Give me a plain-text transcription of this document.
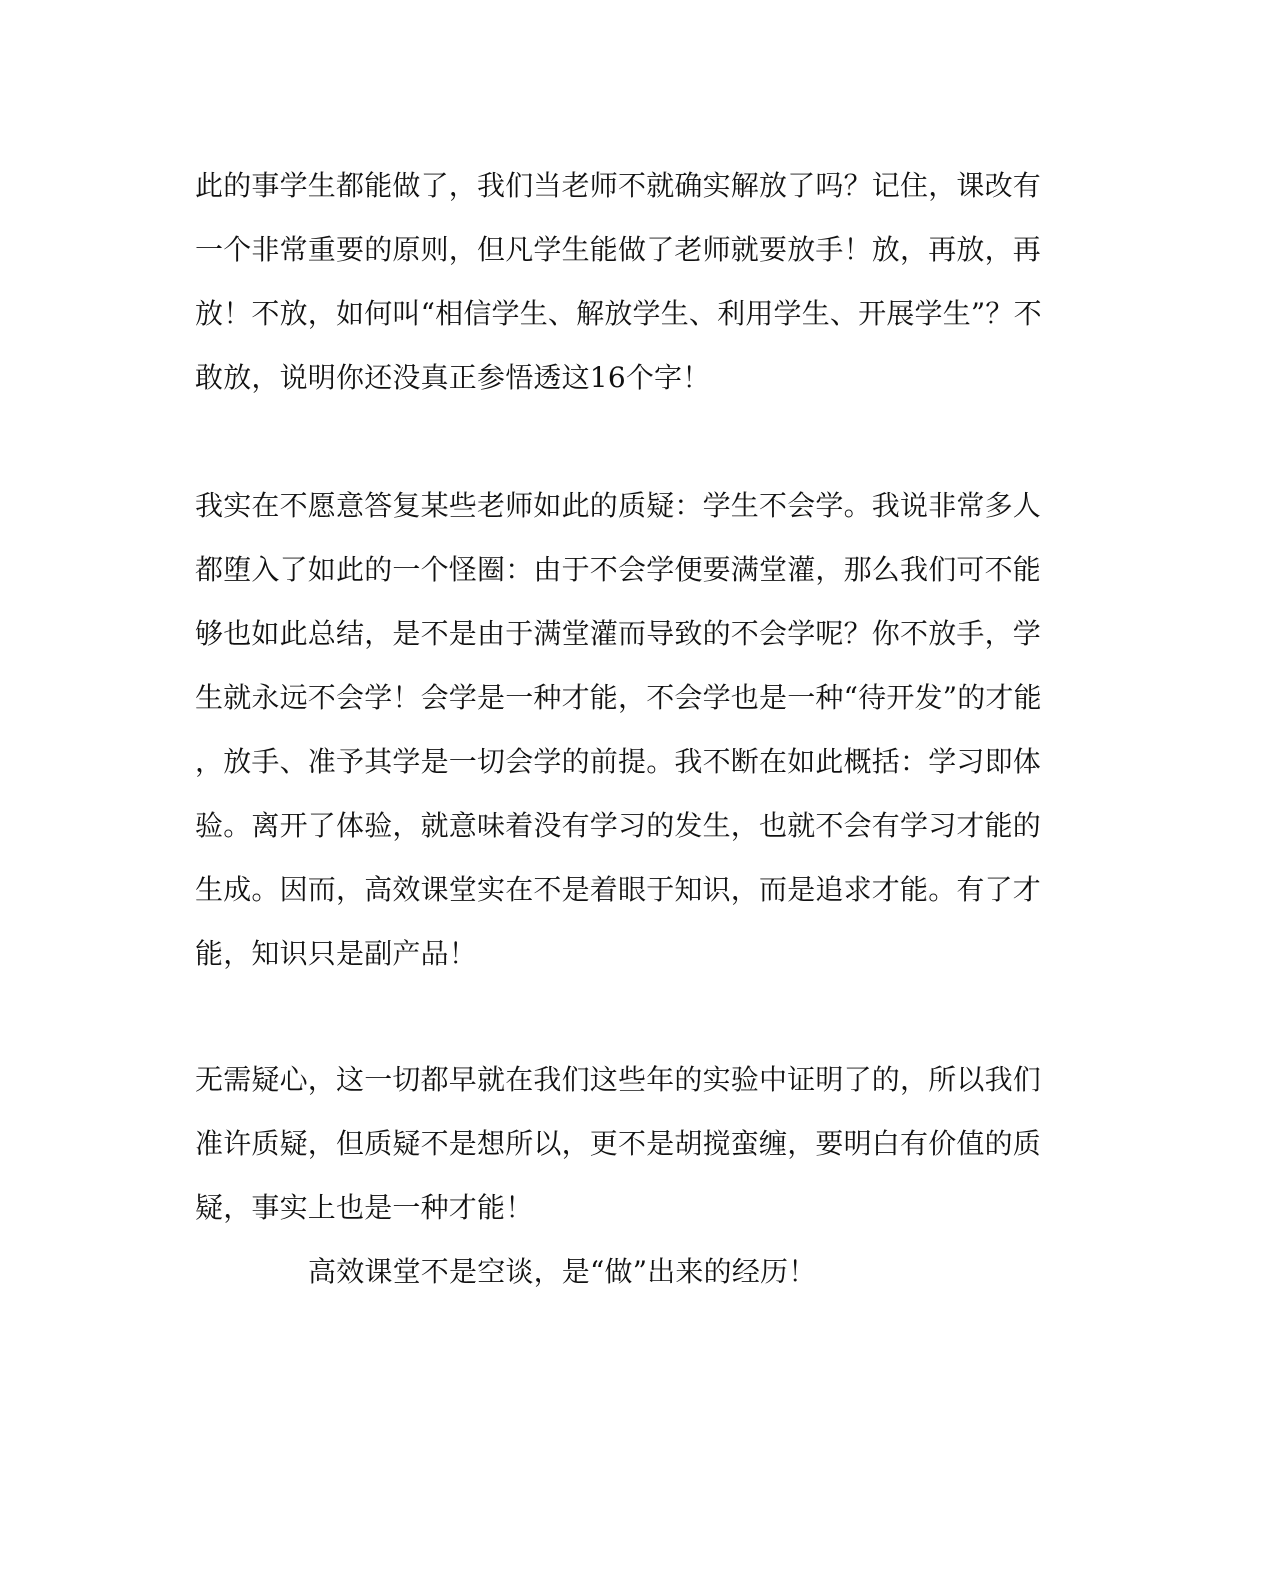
此的事学生都能做了，我们当老师不就确实解放了吗？记住，课改有
一个非常重要的原则，但凡学生能做了老师就要放手！放，再放，再
放！不放，如何叫“相信学生、解放学生、利用学生、开展学生”？不
敢放，说明你还没真正参悟透这16个字！
我实在不愿意答复某些老师如此的质疑：学生不会学。我说非常多人
都堕入了如此的一个怪圈：由于不会学便要满堂灌，那么我们可不能
够也如此总结，是不是由于满堂灌而导致的不会学呢？你不放手，学
生就永远不会学！会学是一种才能，不会学也是一种“待开发”的才能
，放手、准予其学是一切会学的前提。我不断在如此概括：学习即体
验。离开了体验，就意味着没有学习的发生，也就不会有学习才能的
生成。因而，高效课堂实在不是着眼于知识，而是追求才能。有了才
能，知识只是副产品！
无需疑心，这一切都早就在我们这些年的实验中证明了的，所以我们
准许质疑，但质疑不是想所以，更不是胡搅蛮缠，要明白有价值的质
疑，事实上也是一种才能！
高效课堂不是空谈，是“做”出来的经历！
